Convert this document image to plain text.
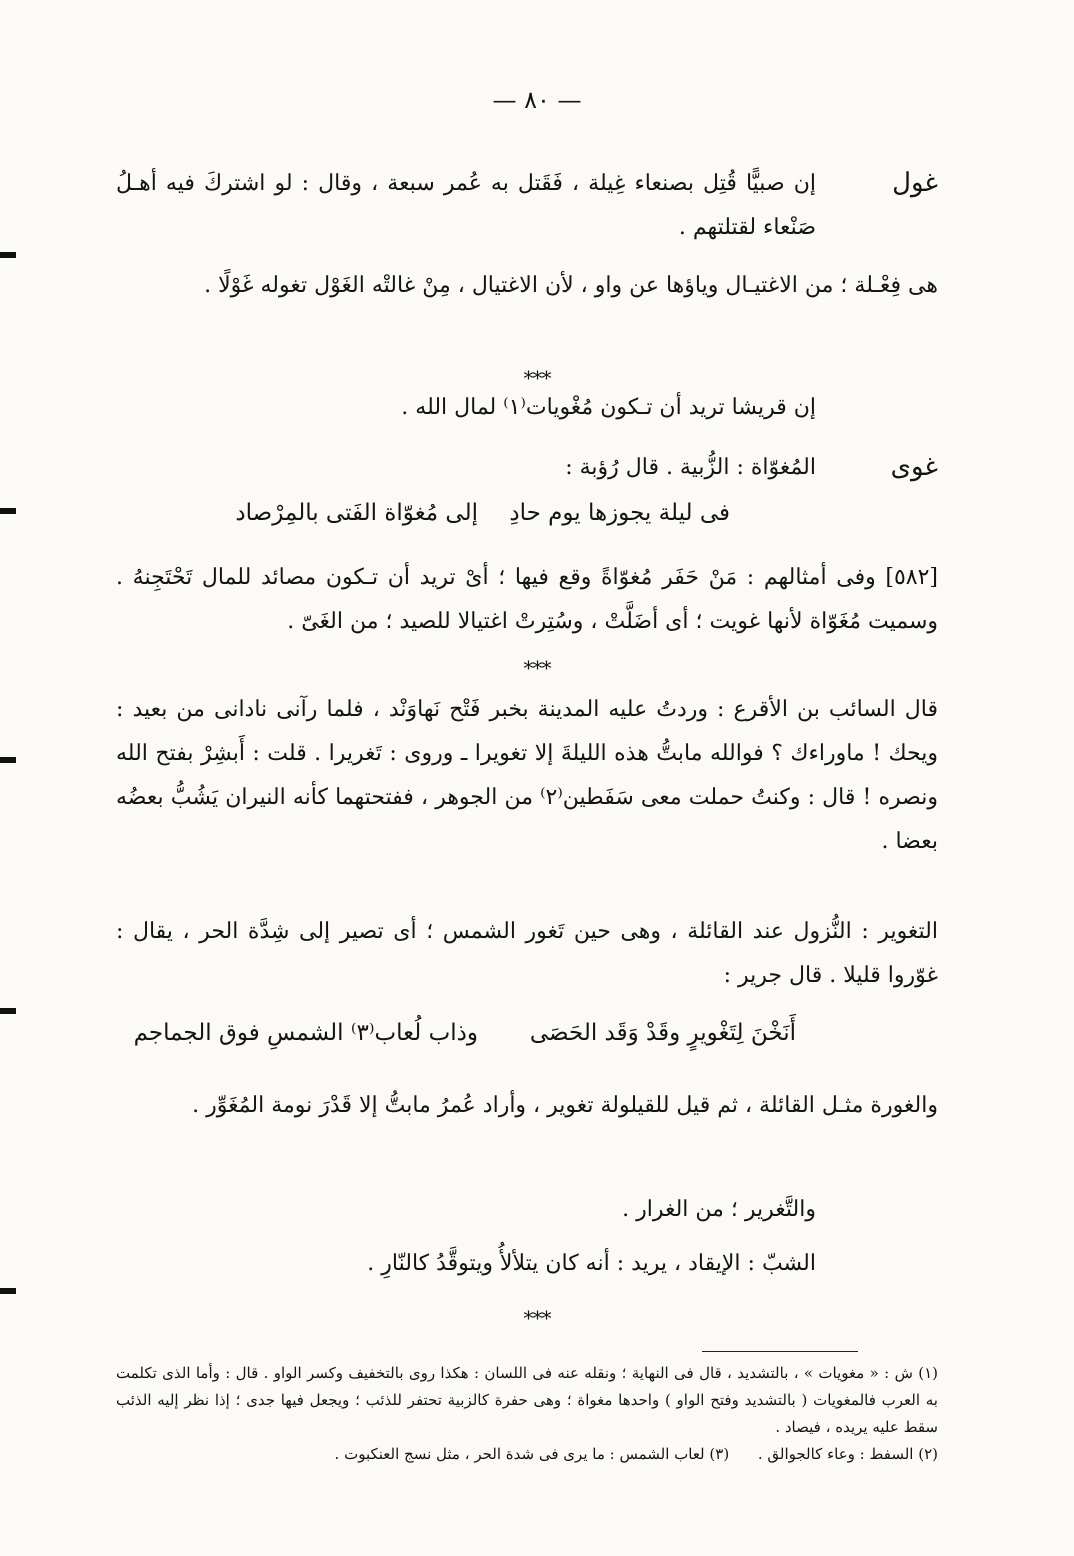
— ٨٠ —
غول
إن صبيًّا قُتِل بصنعاء غِيلة ، فَقَتل به عُمر سبعة ، وقال : لو اشتركَ فيه أهـلُ صَنْعاء لقتلتهم .
هى فِعْـلة ؛ من الاغتيـال وياؤها عن واو ، لأن الاغتيال ، مِنْ غالتْه الغَوْل تغوله غَوْلًا .
***
إن قريشا تريد أن تـكون مُغْويات⁽١⁾ لمال الله .
غوى
المُغوّاة : الزُّبية . قال رُؤبة :
فى ليلة يجوزها يوم حادِ
إلى مُغوّاة الفَتى بالمِرْصاد
[٥٨٢] وفى أمثالهم : مَنْ حَفَر مُغوّاةً وقع فيها ؛ أىْ تريد أن تـكون مصائد للمال تَحْتَجِنهُ . وسميت مُغَوّاة لأنها غويت ؛ أى أضَلَّتْ ، وسُتِرتْ اغتيالا للصيد ؛ من الغَىّ .
***
قال السائب بن الأقرع : وردتُ عليه المدينة بخبر فَتْح نَهاوَنْد ، فلما رآنى نادانى من بعيد : ويحك ! ماوراءك ؟ فوالله مابتُّ هذه الليلةَ إلا تغويرا ـ وروى : تَغريرا . قلت : أَبشِرْ بفتح الله ونصره ! قال : وكنتُ حملت معى سَفَطين⁽٢⁾ من الجوهر ، ففتحتهما كأنه النيران يَشُبُّ بعضُه بعضا .
التغوير : النُّزول عند القائلة ، وهى حين تَغور الشمس ؛ أى تصير إلى شِدَّة الحر ، يقال : غوّروا قليلا . قال جرير :
أَنَخْنَ لِتَغْويرٍ وقَدْ وَقَد الحَصَى
وذاب لُعاب⁽٣⁾ الشمسِ فوق الجماجم
والغورة مثـل القائلة ، ثم قيل للقيلولة تغوير ، وأراد عُمرُ مابتُّ إلا قَدْرَ نومة المُغَوِّر .
والتَّغرير ؛ من الغرار .
الشبّ : الإيقاد ، يريد : أنه كان يتلألأُ ويتوقَّدُ كالنّارِ .
***

(١) ش : « مغويات » ، بالتشديد ، قال فى النهاية ؛ ونقله عنه فى اللسان : هكذا روى بالتخفيف وكسر الواو . قال : وأما الذى تكلمت به العرب فالمغويات ( بالتشديد وفتح الواو ) واحدها مغواة ؛ وهى حفرة كالزبية تحتفر للذئب ؛ ويجعل فيها جدى ؛ إذا نظر إليه الذئب سقط عليه يريده ، فيصاد .

(٢) السفط : وعاء كالجوالق .

(٣) لعاب الشمس : ما يرى فى شدة الحر ، مثل نسج العنكبوت .
